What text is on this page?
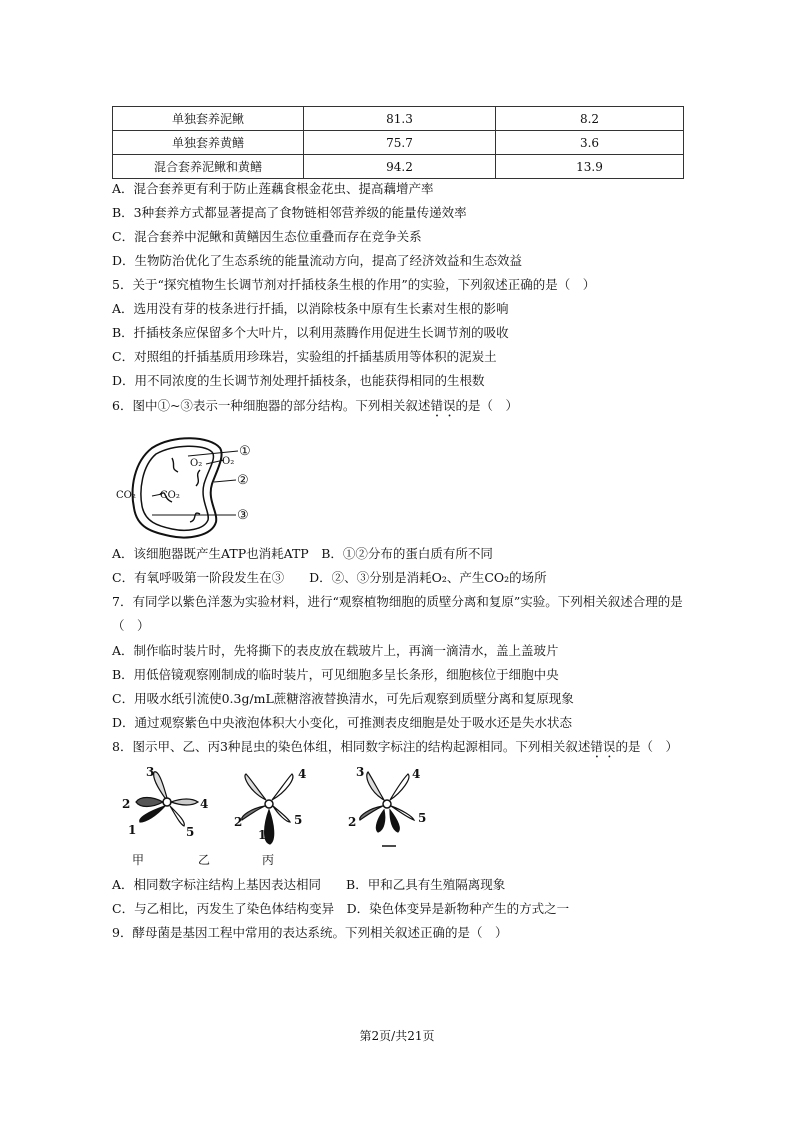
单独套养泥鳅	81.3	8.2
单独套养黄鳝	75.7	3.6
混合套养泥鳅和黄鳝	94.2	13.9
A．混合套养更有利于防止莲藕食根金花虫、提高藕增产率
B．3种套养方式都显著提高了食物链相邻营养级的能量传递效率
C．混合套养中泥鳅和黄鳝因生态位重叠而存在竞争关系
D．生物防治优化了生态系统的能量流动方向，提高了经济效益和生态效益
5．关于“探究植物生长调节剂对扦插枝条生根的作用”的实验，下列叙述正确的是（　）
A．选用没有芽的枝条进行扦插，以消除枝条中原有生长素对生根的影响
B．扦插枝条应保留多个大叶片，以利用蒸腾作用促进生长调节剂的吸收
C．对照组的扦插基质用珍珠岩，实验组的扦插基质用等体积的泥炭土
D．用不同浓度的生长调节剂处理扦插枝条，也能获得相同的生根数
6．图中①~③表示一种细胞器的部分结构。下列相关叙述错误的是（　）
O₂ O₂
CO₂ CO₂
①
②
③
A．该细胞器既产生ATP也消耗ATP　B．①②分布的蛋白质有所不同
C．有氧呼吸第一阶段发生在③　　D．②、③分别是消耗O₂、产生CO₂的场所
7．有同学以紫色洋葱为实验材料，进行“观察植物细胞的质壁分离和复原”实验。下列相关叙述合理的是
（　）
A．制作临时装片时，先将撕下的表皮放在载玻片上，再滴一滴清水，盖上盖玻片
B．用低倍镜观察刚制成的临时装片，可见细胞多呈长条形，细胞核位于细胞中央
C．用吸水纸引流使0.3g/mL蔗糖溶液替换清水，可先后观察到质壁分离和复原现象
D．通过观察紫色中央液泡体积大小变化，可推测表皮细胞是处于吸水还是失水状态
8．图示甲、乙、丙3种昆虫的染色体组，相同数字标注的结构起源相同。下列相关叙述错误的是（　）
3
2	4
1	5
2
1
4
5
3	4
2	5
甲	乙	丙
A．相同数字标注结构上基因表达相同　　B．甲和乙具有生殖隔离现象
C．与乙相比，丙发生了染色体结构变异　D．染色体变异是新物种产生的方式之一
9．酵母菌是基因工程中常用的表达系统。下列相关叙述正确的是（　）
第2页/共21页
